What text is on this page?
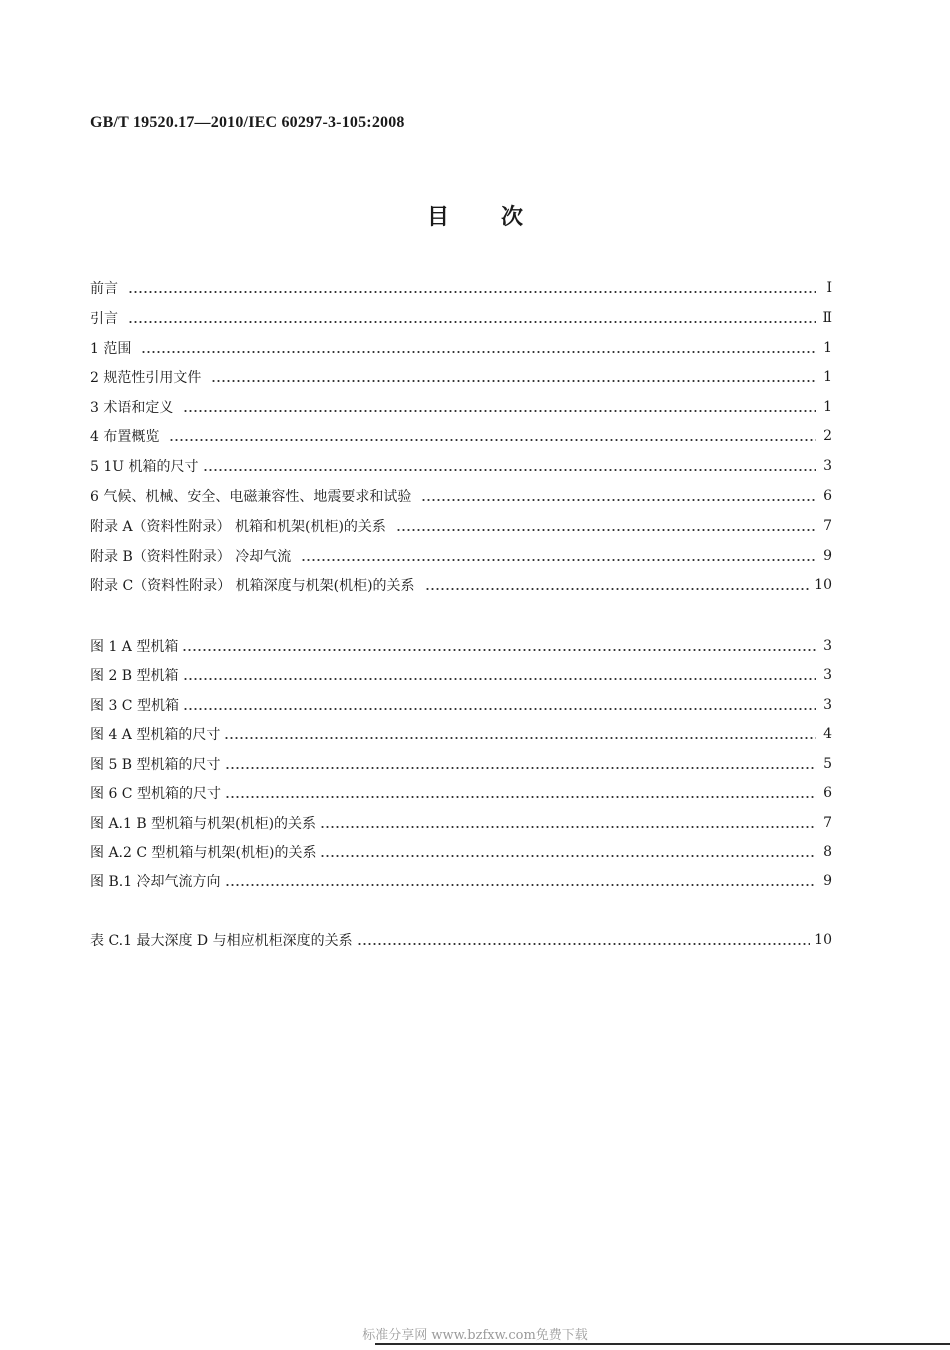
GB/T 19520.17—2010/IEC 60297-3-105:2008
目次
前言	Ⅰ
引言	Ⅱ
1 范围	1
2 规范性引用文件	1
3 术语和定义	1
4 布置概览	2
5 1U 机箱的尺寸	3
6 气候、机械、安全、电磁兼容性、地震要求和试验	6
附录 A（资料性附录） 机箱和机架(机柜)的关系	7
附录 B（资料性附录） 冷却气流	9
附录 C（资料性附录） 机箱深度与机架(机柜)的关系	10
图 1 A 型机箱	3
图 2 B 型机箱	3
图 3 C 型机箱	3
图 4 A 型机箱的尺寸	4
图 5 B 型机箱的尺寸	5
图 6 C 型机箱的尺寸	6
图 A.1 B 型机箱与机架(机柜)的关系	7
图 A.2 C 型机箱与机架(机柜)的关系	8
图 B.1 冷却气流方向	9
表 C.1 最大深度 D 与相应机柜深度的关系	10
标准分享网 www.bzfxw.com免费下载
